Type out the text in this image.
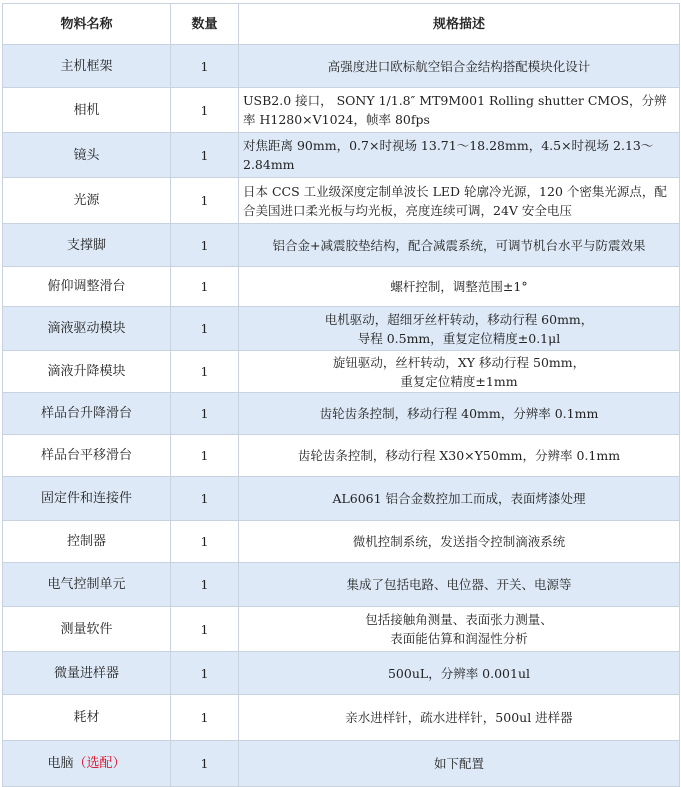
物料名称	数量	规格描述
主机框架	1	高强度进口欧标航空铝合金结构搭配模块化设计
相机	1	USB2.0 接口， SONY 1/1.8″ MT9M001 Rolling shutter CMOS，分辨率 H1280×V1024，帧率 80fps
镜头	1	对焦距离 90mm，0.7×时视场 13.71～18.28mm，4.5×时视场 2.13～2.84mm
光源	1	日本 CCS 工业级深度定制单波长 LED 轮廓冷光源，120 个密集光源点，配合美国进口柔光板与均光板，亮度连续可调，24V 安全电压
支撑脚	1	铝合金+减震胶垫结构，配合减震系统，可调节机台水平与防震效果
俯仰调整滑台	1	螺杆控制，调整范围±1°
滴液驱动模块	1	电机驱动，超细牙丝杆转动，移动行程 60mm，
导程 0.5mm，重复定位精度±0.1μl
滴液升降模块	1	旋钮驱动，丝杆转动，XY 移动行程 50mm，
重复定位精度±1mm
样品台升降滑台	1	齿轮齿条控制，移动行程 40mm，分辨率 0.1mm
样品台平移滑台	1	齿轮齿条控制，移动行程 X30×Y50mm，分辨率 0.1mm
固定件和连接件	1	AL6061 铝合金数控加工而成，表面烤漆处理
控制器	1	微机控制系统，发送指令控制滴液系统
电气控制单元	1	集成了包括电路、电位器、开关、电源等
测量软件	1	包括接触角测量、表面张力测量、
表面能估算和润湿性分析
微量进样器	1	500uL，分辨率 0.001ul
耗材	1	亲水进样针，疏水进样针，500ul 进样器
电脑（选配）	1	如下配置
